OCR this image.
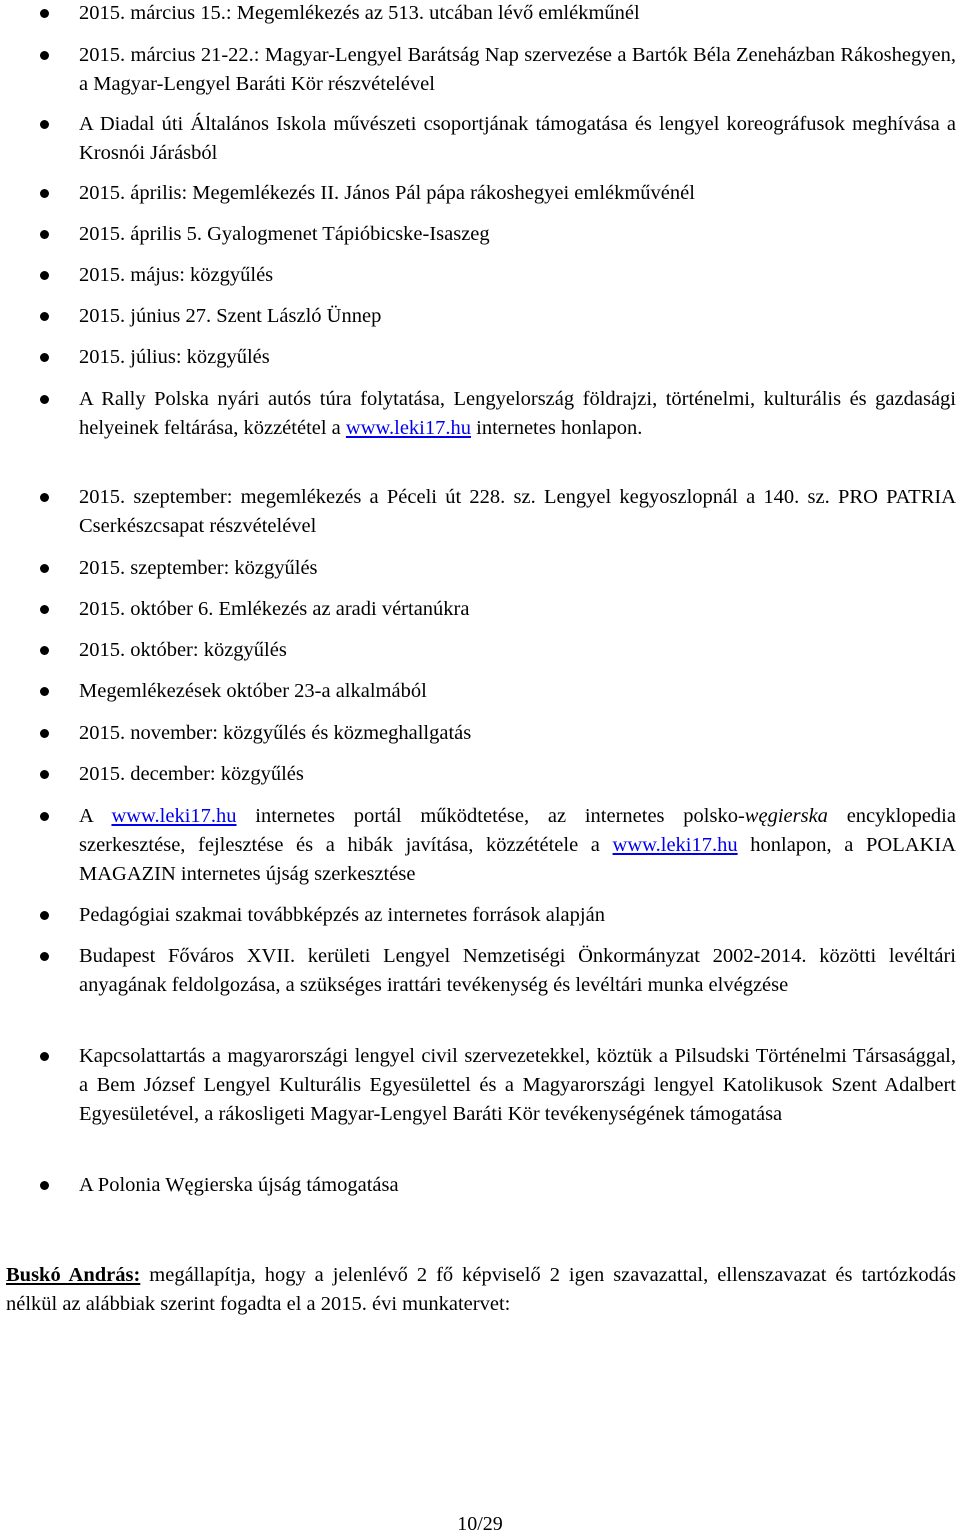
2015. március 15.: Megemlékezés az 513. utcában lévő emlékműnél
2015. március 21-22.: Magyar-Lengyel Barátság Nap szervezése a Bartók Béla Zeneházban Rákoshegyen, a Magyar-Lengyel Baráti Kör részvételével
A Diadal úti Általános Iskola művészeti csoportjának támogatása és lengyel koreográfusok meghívása a Krosnói Járásból
2015. április: Megemlékezés II. János Pál pápa rákoshegyei emlékművénél
2015. április 5. Gyalogmenet Tápióbicske-Isaszeg
2015. május: közgyűlés
2015. június 27. Szent László Ünnep
2015. július: közgyűlés
A Rally Polska nyári autós túra folytatása, Lengyelország földrajzi, történelmi, kulturális és gazdasági helyeinek feltárása, közzététel a www.leki17.hu internetes honlapon.
2015. szeptember: megemlékezés a Péceli út 228. sz. Lengyel kegyoszlopnál a 140. sz. PRO PATRIA Cserkészcsapat részvételével
2015. szeptember: közgyűlés
2015. október 6. Emlékezés az aradi vértanúkra
2015. október: közgyűlés
Megemlékezések október 23-a alkalmából
2015. november: közgyűlés és közmeghallgatás
2015. december: közgyűlés
A www.leki17.hu internetes portál működtetése, az internetes polsko-węgierska encyklopedia szerkesztése, fejlesztése és a hibák javítása, közzététele a www.leki17.hu honlapon, a POLAKIA MAGAZIN internetes újság szerkesztése
Pedagógiai szakmai továbbképzés az internetes források alapján
Budapest Főváros XVII. kerületi Lengyel Nemzetiségi Önkormányzat 2002-2014. közötti levéltári anyagának feldolgozása, a szükséges irattári tevékenység és levéltári munka elvégzése
Kapcsolattartás a magyarországi lengyel civil szervezetekkel, köztük a Pilsudski Történelmi Társasággal, a Bem József Lengyel Kulturális Egyesülettel és a Magyarországi lengyel Katolikusok Szent Adalbert Egyesületével, a rákosligeti Magyar-Lengyel Baráti Kör tevékenységének támogatása
A Polonia Węgierska újság támogatása

Buskó András: megállapítja, hogy a jelenlévő 2 fő képviselő 2 igen szavazattal, ellenszavazat és tartózkodás nélkül az alábbiak szerint fogadta el a 2015. évi munkatervet:

10/29
